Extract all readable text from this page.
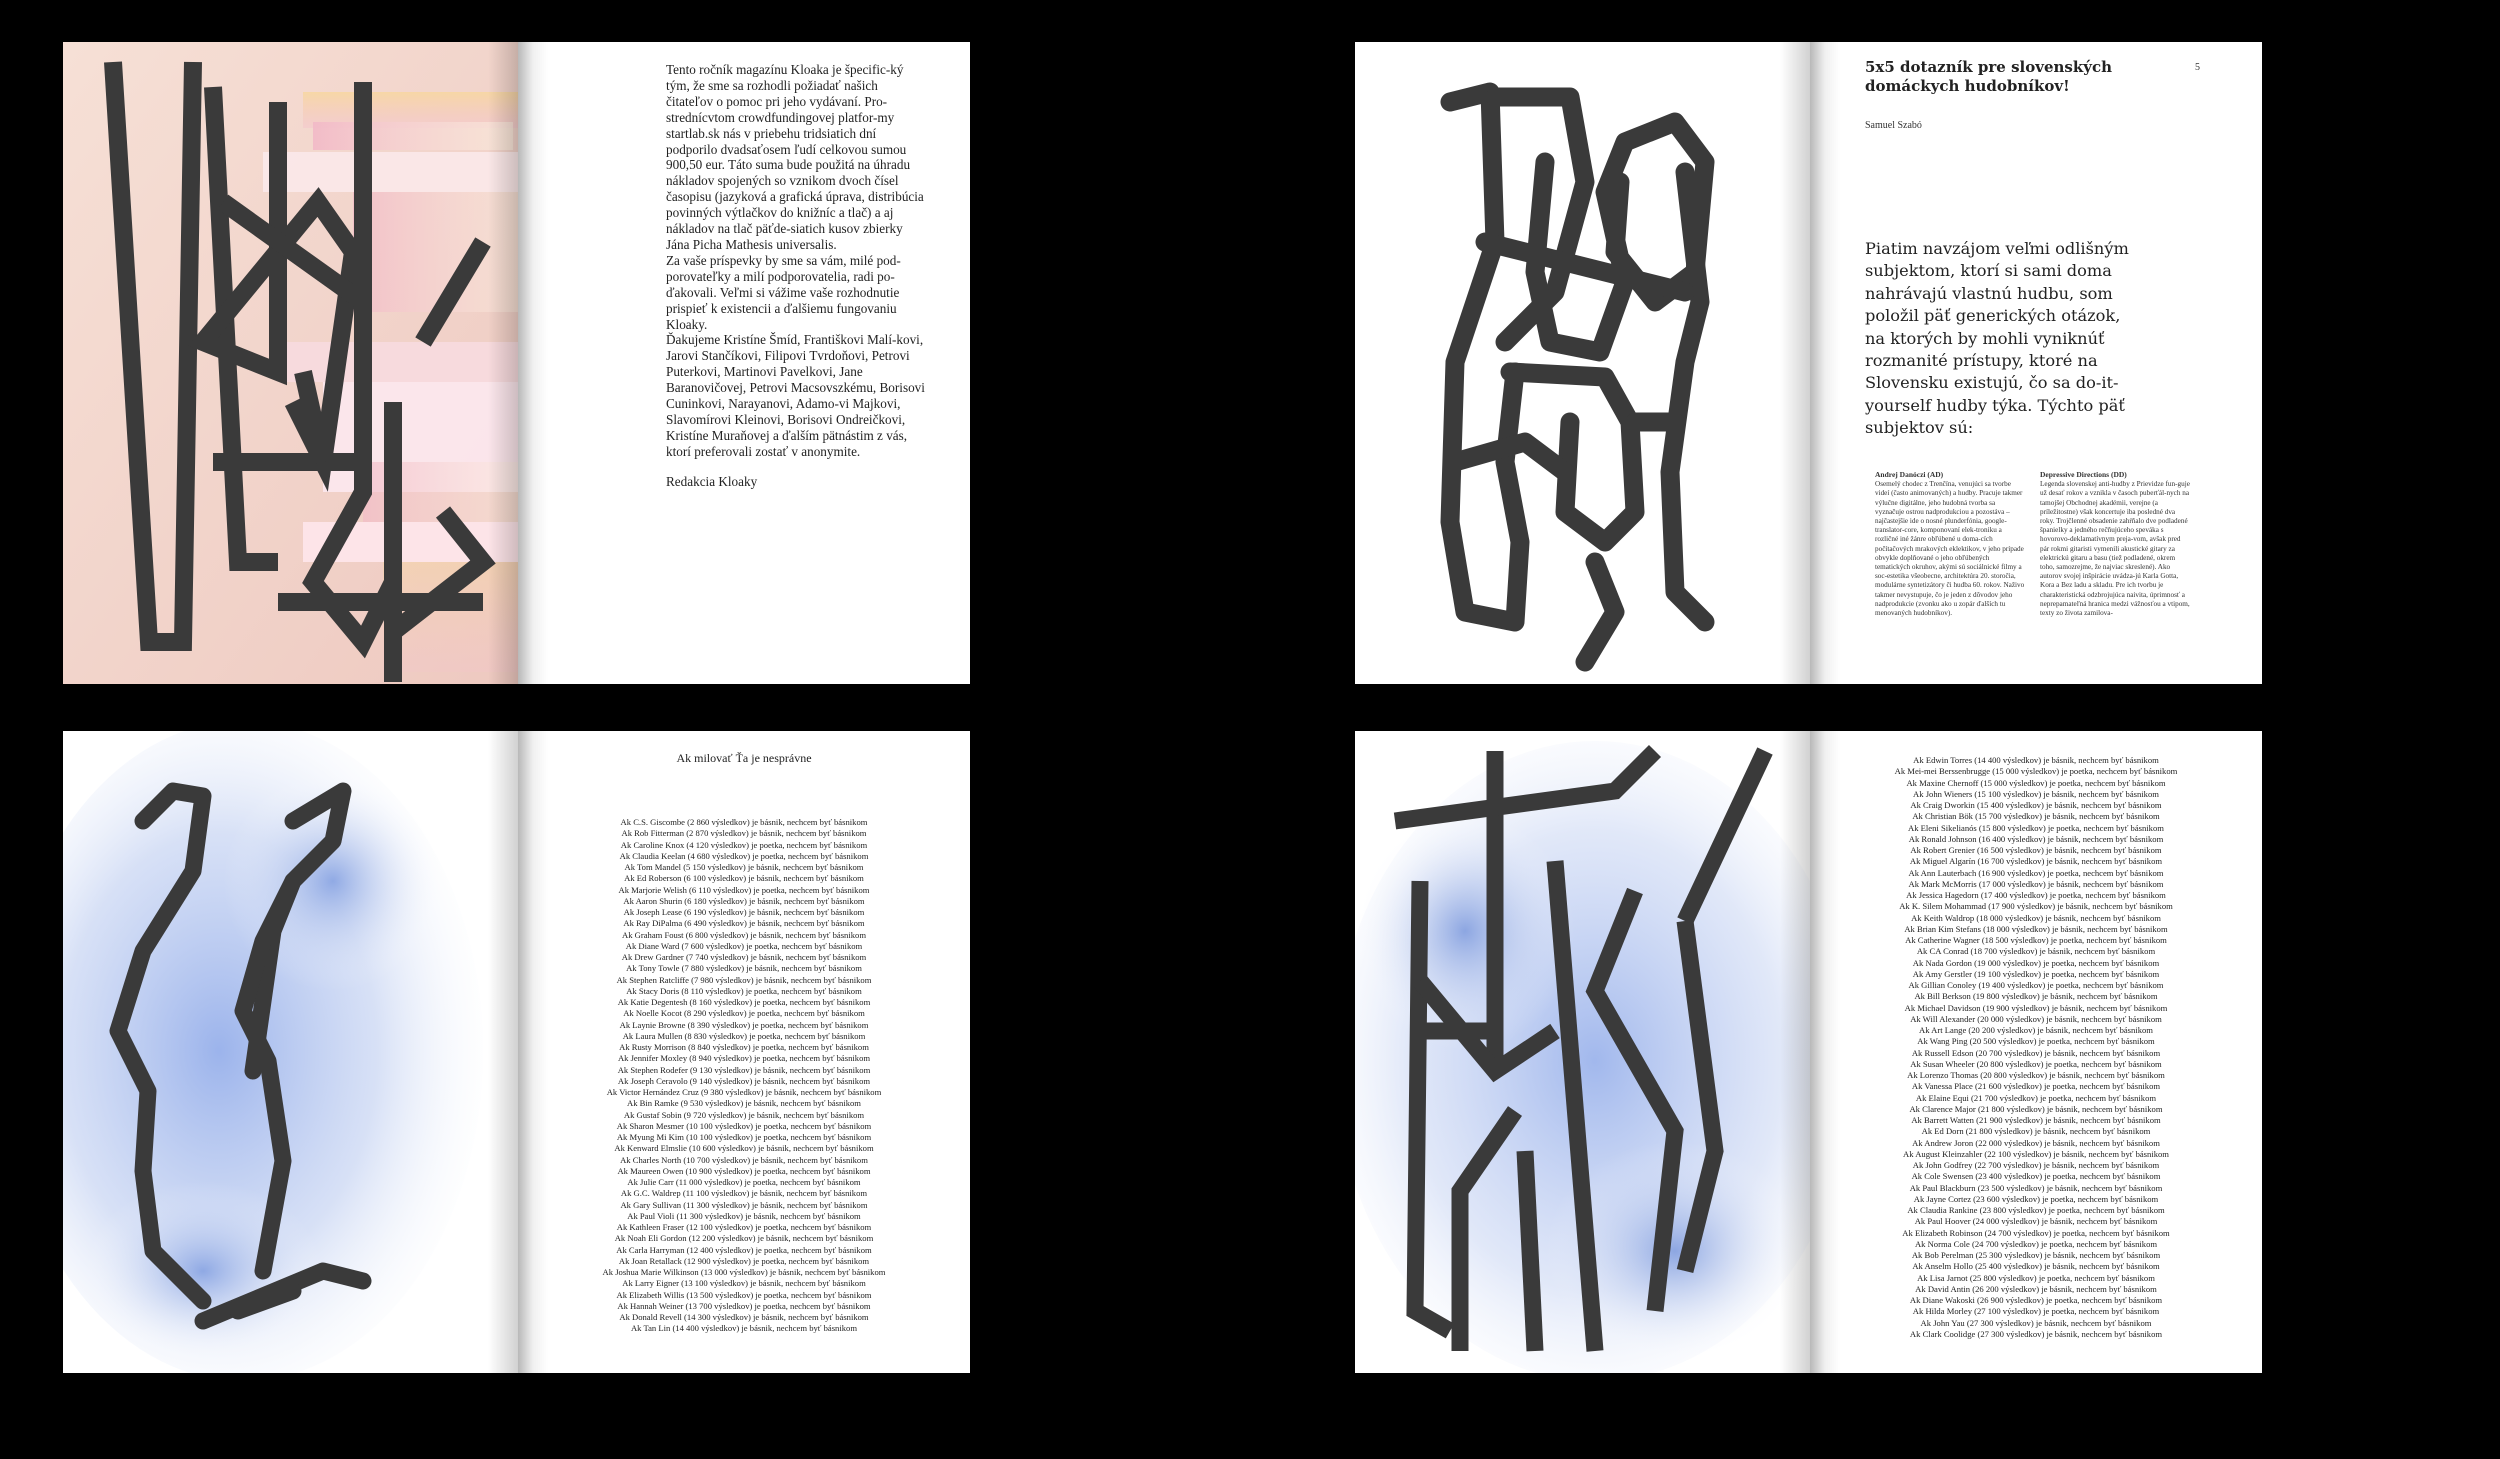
Tento ročník magazínu Kloaka je špecific-ký tým, že sme sa rozhodli požiadať našich čitateľov o pomoc pri jeho vydávaní. Pro-strednícvtom crowdfundingovej platfor-my startlab.sk nás v priebehu tridsiatich dní podporilo dvadsaťosem ľudí celkovou sumou 900,50 eur. Táto suma bude použitá na úhradu nákladov spojených so vznikom dvoch čísel časopisu (jazyková a grafická úprava, distribúcia povinných výtlačkov do knižníc a tlač) a aj nákladov na tlač päťde-siatich kusov zbierky Jána Picha Mathesis universalis.

Za vaše príspevky by sme sa vám, milé pod-porovateľky a milí podporovatelia, radi po-ďakovali. Veľmi si vážime vaše rozhodnutie prispieť k existencii a ďalšiemu fungovaniu Kloaky.

Ďakujeme Kristíne Šmíd, Františkovi Malí-kovi, Jarovi Stančíkovi, Filipovi Tvrdoňovi, Petrovi Puterkovi, Martinovi Pavelkovi, Jane Baranovičovej, Petrovi Macsovszkému, Borisovi Cuninkovi, Narayanovi, Adamo-vi Majkovi, Slavomírovi Kleinovi, Borisovi Ondreičkovi, Kristíne Muraňovej a ďalším pätnástim z vás, ktorí preferovali zostať v anonymite.

Redakcia Kloaky

5x5 dotazník pre slovenských domáckych hudobníkov!
Samuel Szabó
5
Piatim navzájom veľmi odlišným subjektom, ktorí si sami doma nahrávajú vlastnú hudbu, som položil päť generických otázok, na ktorých by mohli vyniknúť rozmanité prístupy, ktoré na Slovensku existujú, čo sa do-it-yourself hudby týka. Týchto päť subjektov sú:
Andrej Danóczi (AD)

Osemelý chodec z Trenčína, venujúci sa tvorbe videí (často animovaných) a hudby. Pracuje takmer výlučne digitálne, jeho hudobná tvorba sa vyznačuje ostrou nadprodukciou a pozostáva – najčastejšie ide o nosné plunderfónia, google-translator-core, komponovaní elek-troniku a rozličné iné žánre obľúbené u doma-cích počítačových mrakových eklektikov, v jeho prípade obvykle doplňované o jeho obľúbených tematických okruhov, akými sú sociálnické filmy a soc-estetika všeobecne, architektúra 20. storočia, modulárne syntetizátory či hudba 60. rokov. Naživo takmer nevystupuje, čo je jeden z dôvodov jeho nadprodukcie (zvonku ako u zopár ďalších tu menovaných hudobníkov).

Depressive Directions (DD)

Legenda slovenskej anti-hudby z Prievidze fun-guje už desať rokov a vznikla v časoch puberťál-nych na tamojšej Obchodnej akadémii, verejne (a príležitostne) však koncertuje iba posledné dva roky. Trojčlenné obsadenie zahŕňalo dve podladené španielky a jedného rečňujúceho speváka s hovorovo-deklamatívnym preja-vom, avšak pred pár rokmi gitaristi vymenili akustické gitary za elektrickú gitaru a basu (tiež podladené, okrem toho, samozrejme, že najviac skreslené). Ako autorov svojej inšpirácie uvádza-jú Karla Gotta, Kora a Bez ladu a skladu. Pre ich tvorbu je charakteristická odzbrojujúca naivita, úprimnosť a neprepamateľná hranica medzi vážnosťou a vtipom, texty zo života zamilova-

Ak milovať Ťa je nesprávne
Ak C.S. Giscombe (2 860 výsledkov) je básnik, nechcem byť básnikom
Ak Rob Fitterman (2 870 výsledkov) je básnik, nechcem byť básnikom
Ak Caroline Knox (4 120 výsledkov) je poetka, nechcem byť básnikom
Ak Claudia Keelan (4 680 výsledkov) je poetka, nechcem byť básnikom
Ak Tom Mandel (5 150 výsledkov) je básnik, nechcem byť básnikom
Ak Ed Roberson (6 100 výsledkov) je básnik, nechcem byť básnikom
Ak Marjorie Welish (6 110 výsledkov) je poetka, nechcem byť básnikom
Ak Aaron Shurin (6 180 výsledkov) je básnik, nechcem byť básnikom
Ak Joseph Lease (6 190 výsledkov) je básnik, nechcem byť básnikom
Ak Ray DiPalma (6 490 výsledkov) je básnik, nechcem byť básnikom
Ak Graham Foust (6 800 výsledkov) je básnik, nechcem byť básnikom
Ak Diane Ward (7 600 výsledkov) je poetka, nechcem byť básnikom
Ak Drew Gardner (7 740 výsledkov) je básnik, nechcem byť básnikom
Ak Tony Towle (7 880 výsledkov) je básnik, nechcem byť básnikom
Ak Stephen Ratcliffe (7 980 výsledkov) je básnik, nechcem byť básnikom
Ak Stacy Doris (8 110 výsledkov) je poetka, nechcem byť básnikom
Ak Katie Degentesh (8 160 výsledkov) je poetka, nechcem byť básnikom
Ak Noelle Kocot (8 290 výsledkov) je poetka, nechcem byť básnikom
Ak Laynie Browne (8 390 výsledkov) je poetka, nechcem byť básnikom
Ak Laura Mullen (8 830 výsledkov) je poetka, nechcem byť básnikom
Ak Rusty Morrison (8 840 výsledkov) je poetka, nechcem byť básnikom
Ak Jennifer Moxley (8 940 výsledkov) je poetka, nechcem byť básnikom
Ak Stephen Rodefer (9 130 výsledkov) je básnik, nechcem byť básnikom
Ak Joseph Ceravolo (9 140 výsledkov) je básnik, nechcem byť básnikom
Ak Victor Hernández Cruz (9 380 výsledkov) je básnik, nechcem byť básnikom
Ak Bin Ramke (9 530 výsledkov) je básnik, nechcem byť básnikom
Ak Gustaf Sobin (9 720 výsledkov) je básnik, nechcem byť básnikom
Ak Sharon Mesmer (10 100 výsledkov) je poetka, nechcem byť básnikom
Ak Myung Mi Kim (10 100 výsledkov) je poetka, nechcem byť básnikom
Ak Kenward Elmslie (10 600 výsledkov) je básnik, nechcem byť básnikom
Ak Charles North (10 700 výsledkov) je básnik, nechcem byť básnikom
Ak Maureen Owen (10 900 výsledkov) je poetka, nechcem byť básnikom
Ak Julie Carr (11 000 výsledkov) je poetka, nechcem byť básnikom
Ak G.C. Waldrep (11 100 výsledkov) je básnik, nechcem byť básnikom
Ak Gary Sullivan (11 300 výsledkov) je básnik, nechcem byť básnikom
Ak Paul Violi (11 300 výsledkov) je básnik, nechcem byť básnikom
Ak Kathleen Fraser (12 100 výsledkov) je poetka, nechcem byť básnikom
Ak Noah Eli Gordon (12 200 výsledkov) je básnik, nechcem byť básnikom
Ak Carla Harryman (12 400 výsledkov) je poetka, nechcem byť básnikom
Ak Joan Retallack (12 900 výsledkov) je poetka, nechcem byť básnikom
Ak Joshua Marie Wilkinson (13 000 výsledkov) je básnik, nechcem byť básnikom
Ak Larry Eigner (13 100 výsledkov) je básnik, nechcem byť básnikom
Ak Elizabeth Willis (13 500 výsledkov) je poetka, nechcem byť básnikom
Ak Hannah Weiner (13 700 výsledkov) je poetka, nechcem byť básnikom
Ak Donald Revell (14 300 výsledkov) je básnik, nechcem byť básnikom
Ak Tan Lin (14 400 výsledkov) je básnik, nechcem byť básnikom
Ak Edwin Torres (14 400 výsledkov) je básnik, nechcem byť básnikom
Ak Mei-mei Berssenbrugge (15 000 výsledkov) je poetka, nechcem byť básnikom
Ak Maxine Chernoff (15 000 výsledkov) je poetka, nechcem byť básnikom
Ak John Wieners (15 100 výsledkov) je básnik, nechcem byť básnikom
Ak Craig Dworkin (15 400 výsledkov) je básnik, nechcem byť básnikom
Ak Christian Bök (15 700 výsledkov) je básnik, nechcem byť básnikom
Ak Eleni Sikelianós (15 800 výsledkov) je poetka, nechcem byť básnikom
Ak Ronald Johnson (16 400 výsledkov) je básnik, nechcem byť básnikom
Ak Robert Grenier (16 500 výsledkov) je básnik, nechcem byť básnikom
Ak Miguel Algarín (16 700 výsledkov) je básnik, nechcem byť básnikom
Ak Ann Lauterbach (16 900 výsledkov) je poetka, nechcem byť básnikom
Ak Mark McMorris (17 000 výsledkov) je básnik, nechcem byť básnikom
Ak Jessica Hagedorn (17 400 výsledkov) je poetka, nechcem byť básnikom
Ak K. Silem Mohammad (17 900 výsledkov) je básnik, nechcem byť básnikom
Ak Keith Waldrop (18 000 výsledkov) je básnik, nechcem byť básnikom
Ak Brian Kim Stefans (18 000 výsledkov) je básnik, nechcem byť básnikom
Ak Catherine Wagner (18 500 výsledkov) je poetka, nechcem byť básnikom
Ak CA Conrad (18 700 výsledkov) je básnik, nechcem byť básnikom
Ak Nada Gordon (19 000 výsledkov) je poetka, nechcem byť básnikom
Ak Amy Gerstler (19 100 výsledkov) je poetka, nechcem byť básnikom
Ak Gillian Conoley (19 400 výsledkov) je poetka, nechcem byť básnikom
Ak Bill Berkson (19 800 výsledkov) je básnik, nechcem byť básnikom
Ak Michael Davidson (19 900 výsledkov) je básnik, nechcem byť básnikom
Ak Will Alexander (20 000 výsledkov) je básnik, nechcem byť básnikom
Ak Art Lange (20 200 výsledkov) je básnik, nechcem byť básnikom
Ak Wang Ping (20 500 výsledkov) je poetka, nechcem byť básnikom
Ak Russell Edson (20 700 výsledkov) je básnik, nechcem byť básnikom
Ak Susan Wheeler (20 800 výsledkov) je poetka, nechcem byť básnikom
Ak Lorenzo Thomas (20 800 výsledkov) je básnik, nechcem byť básnikom
Ak Vanessa Place (21 600 výsledkov) je poetka, nechcem byť básnikom
Ak Elaine Equi (21 700 výsledkov) je poetka, nechcem byť básnikom
Ak Clarence Major (21 800 výsledkov) je básnik, nechcem byť básnikom
Ak Barrett Watten (21 900 výsledkov) je básnik, nechcem byť básnikom
Ak Ed Dorn (21 800 výsledkov) je básnik, nechcem byť básnikom
Ak Andrew Joron (22 000 výsledkov) je básnik, nechcem byť básnikom
Ak August Kleinzahler (22 100 výsledkov) je básnik, nechcem byť básnikom
Ak John Godfrey (22 700 výsledkov) je básnik, nechcem byť básnikom
Ak Cole Swensen (23 400 výsledkov) je poetka, nechcem byť básnikom
Ak Paul Blackburn (23 500 výsledkov) je básnik, nechcem byť básnikom
Ak Jayne Cortez (23 600 výsledkov) je poetka, nechcem byť básnikom
Ak Claudia Rankine (23 800 výsledkov) je poetka, nechcem byť básnikom
Ak Paul Hoover (24 000 výsledkov) je básnik, nechcem byť básnikom
Ak Elizabeth Robinson (24 700 výsledkov) je poetka, nechcem byť básnikom
Ak Norma Cole (24 700 výsledkov) je poetka, nechcem byť básnikom
Ak Bob Perelman (25 300 výsledkov) je básnik, nechcem byť básnikom
Ak Anselm Hollo (25 400 výsledkov) je básnik, nechcem byť básnikom
Ak Lisa Jarnot (25 800 výsledkov) je poetka, nechcem byť básnikom
Ak David Antin (26 200 výsledkov) je básnik, nechcem byť básnikom
Ak Diane Wakoski (26 900 výsledkov) je poetka, nechcem byť básnikom
Ak Hilda Morley (27 100 výsledkov) je poetka, nechcem byť básnikom
Ak John Yau (27 300 výsledkov) je básnik, nechcem byť básnikom
Ak Clark Coolidge (27 300 výsledkov) je básnik, nechcem byť básnikom
